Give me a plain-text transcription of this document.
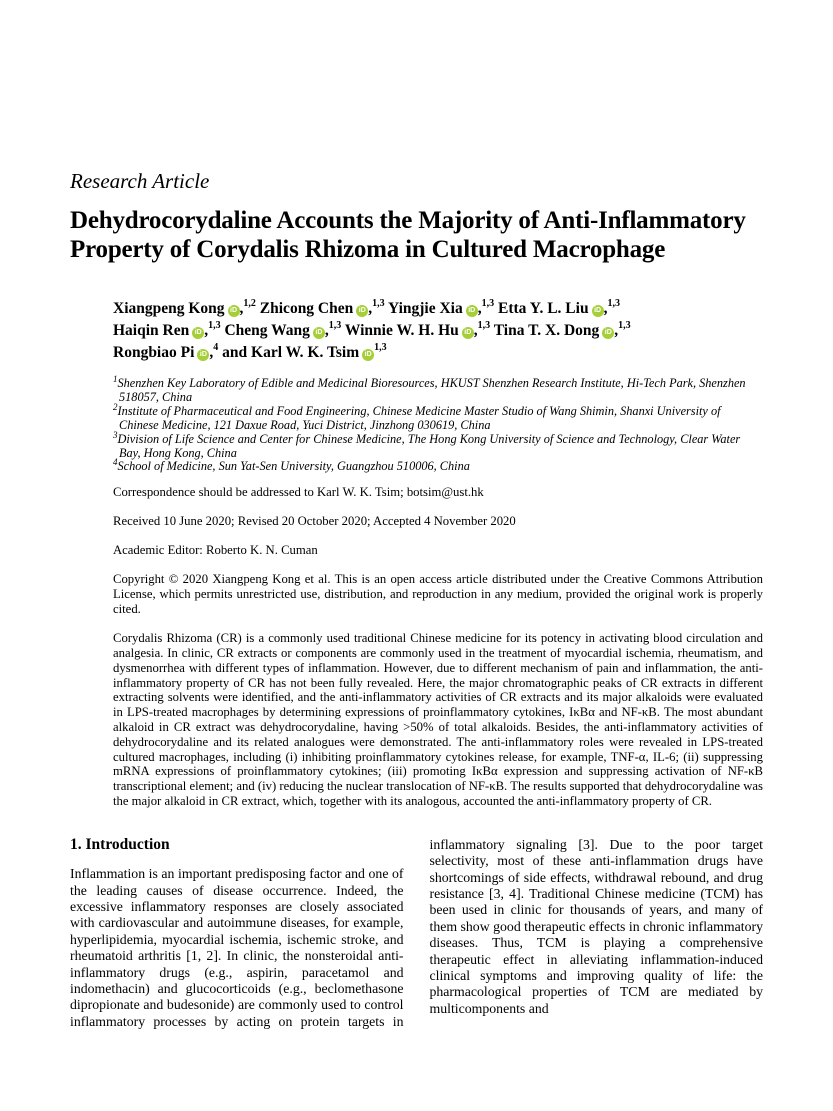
Research Article
Dehydrocorydaline Accounts the Majority of Anti-Inflammatory Property of Corydalis Rhizoma in Cultured Macrophage
Xiangpeng Kong iD ,$^{1,2}$ Zhicong Chen iD ,$^{1,3}$ Yingjie Xia iD ,$^{1,3}$ Etta Y. L. Liu iD ,$^{1,3}$
Haiqin Ren iD ,$^{1,3}$ Cheng Wang iD ,$^{1,3}$ Winnie W. H. Hu iD ,$^{1,3}$ Tina T. X. Dong iD ,$^{1,3}$
Rongbiao Pi iD ,$^4$ and Karl W. K. Tsim iD$^{1,3}$
$^1$Shenzhen Key Laboratory of Edible and Medicinal Bioresources, HKUST Shenzhen Research Institute, Hi-Tech Park, Shenzhen 518057, China
$^2$Institute of Pharmaceutical and Food Engineering, Chinese Medicine Master Studio of Wang Shimin, Shanxi University of Chinese Medicine, 121 Daxue Road, Yuci District, Jinzhong 030619, China
$^3$Division of Life Science and Center for Chinese Medicine, The Hong Kong University of Science and Technology, Clear Water Bay, Hong Kong, China
$^4$School of Medicine, Sun Yat-Sen University, Guangzhou 510006, China

Correspondence should be addressed to Karl W. K. Tsim; botsim@ust.hk

Received 10 June 2020; Revised 20 October 2020; Accepted 4 November 2020

Academic Editor: Roberto K. N. Cuman

Copyright © 2020 Xiangpeng Kong et al. This is an open access article distributed under the Creative Commons Attribution License, which permits unrestricted use, distribution, and reproduction in any medium, provided the original work is properly cited.

Corydalis Rhizoma (CR) is a commonly used traditional Chinese medicine for its potency in activating blood circulation and analgesia. In clinic, CR extracts or components are commonly used in the treatment of myocardial ischemia, rheumatism, and dysmenorrhea with different types of inflammation. However, due to different mechanism of pain and inflammation, the anti-inflammatory property of CR has not been fully revealed. Here, the major chromatographic peaks of CR extracts in different extracting solvents were identified, and the anti-inflammatory activities of CR extracts and its major alkaloids were evaluated in LPS-treated macrophages by determining expressions of proinflammatory cytokines, IκBα and NF-κB. The most abundant alkaloid in CR extract was dehydrocorydaline, having >50% of total alkaloids. Besides, the anti-inflammatory activities of dehydrocorydaline and its related analogues were demonstrated. The anti-inflammatory roles were revealed in LPS-treated cultured macrophages, including (i) inhibiting proinflammatory cytokines release, for example, TNF-α, IL-6; (ii) suppressing mRNA expressions of proinflammatory cytokines; (iii) promoting IκBα expression and suppressing activation of NF-κB transcriptional element; and (iv) reducing the nuclear translocation of NF-κB. The results supported that dehydrocorydaline was the major alkaloid in CR extract, which, together with its analogous, accounted the anti-inflammatory property of CR.

1. Introduction

Inflammation is an important predisposing factor and one of the leading causes of disease occurrence. Indeed, the excessive inflammatory responses are closely associated with cardiovascular and autoimmune diseases, for example, hyperlipidemia, myocardial ischemia, ischemic stroke, and rheumatoid arthritis [1, 2]. In clinic, the nonsteroidal anti-inflammatory drugs (e.g., aspirin, paracetamol and indomethacin) and glucocorticoids (e.g., beclomethasone dipropionate and budesonide) are commonly used to control inflammatory processes by acting on protein targets in inflammatory signaling [3]. Due to the poor target selectivity, most of these anti-inflammation drugs have shortcomings of side effects, withdrawal rebound, and drug resistance [3, 4]. Traditional Chinese medicine (TCM) has been used in clinic for thousands of years, and many of them show good therapeutic effects in chronic inflammatory diseases. Thus, TCM is playing a comprehensive therapeutic effect in alleviating inflammation-induced clinical symptoms and improving quality of life: the pharmacological properties of TCM are mediated by multicomponents and
